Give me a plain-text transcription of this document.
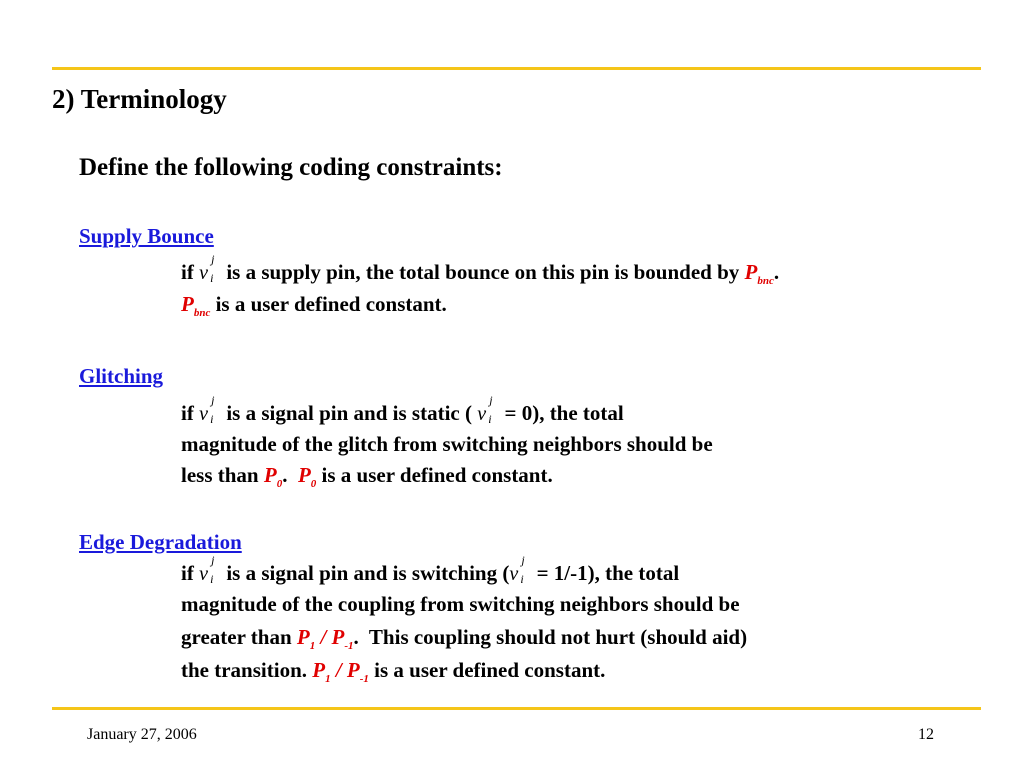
2) Terminology
Define the following coding constraints:
Supply Bounce
if v
j
i is a supply pin, the total bounce on this pin is bounded by $P_{bnc}$.
$P_{bnc}$ is a user defined constant.
Glitching
if v
j
i is a signal pin and is static ( v
j
i = 0), the total
magnitude of the glitch from switching neighbors should be
less than $P_0$. $P_0$ is a user defined constant.
Edge Degradation
if v
j
i is a signal pin and is switching (v
j
i = 1/-1), the total
magnitude of the coupling from switching neighbors should be
greater than $P_1 / P_{-1}$. This coupling should not hurt (should aid)
the transition. $P_1 / P_{-1}$ is a user defined constant.
January 27, 2006	12
